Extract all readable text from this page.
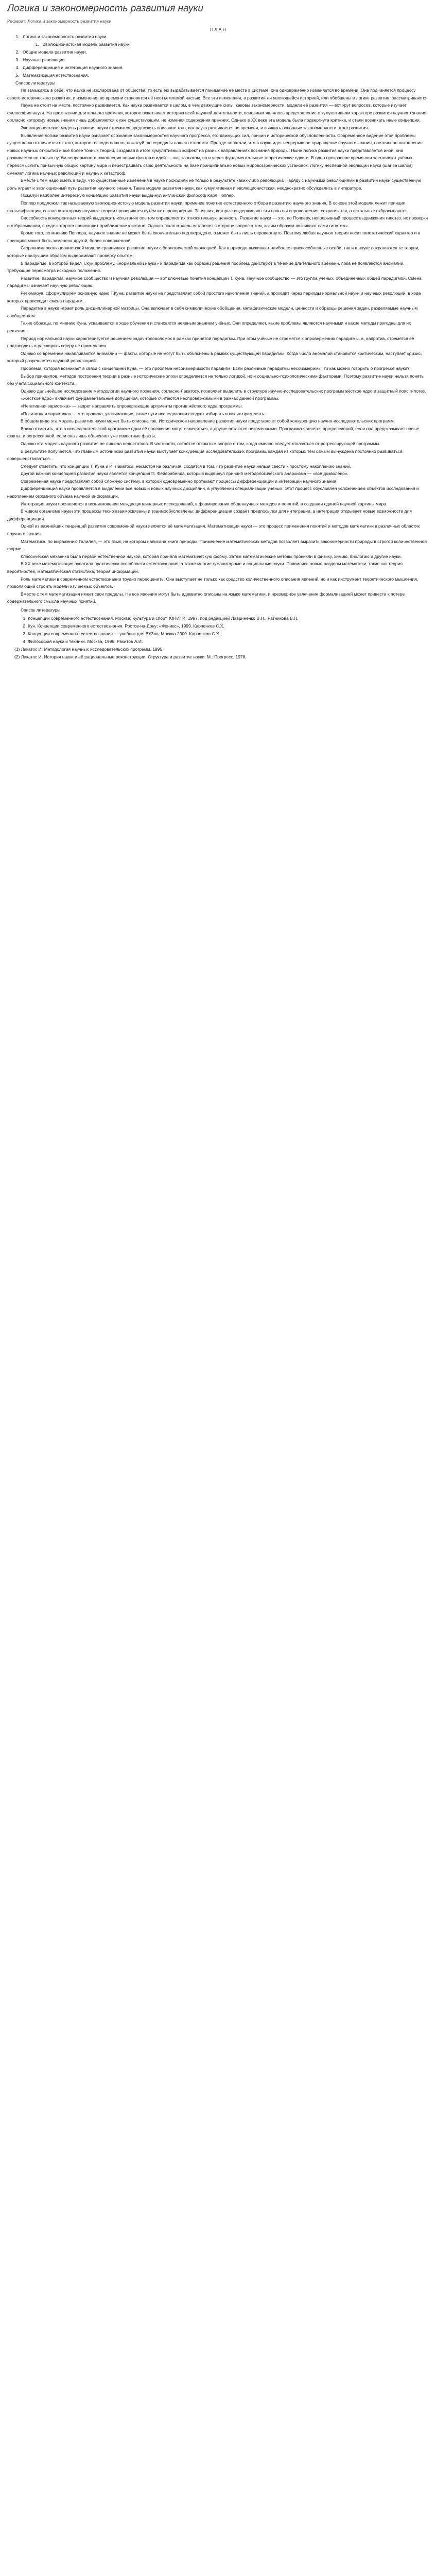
Логика и закономерность развития науки
Реферат: Логика и закономерность развития науки
П Л А Н
1. Логика и закономерность развития науки.
1. Эволюционистская модель развития науки
2. Общие модели развития науки.
3. Научные революции.
4. Дифференциация и интеграция научного знания.
5. Математизация естествознания.
Список литературы

Не замыкаясь в себе, что наука не изолирована от общества, то есть ею вырабатывается понимание её места в системе, она одновременно изменяется во времени. Она подчиняется процессу своего исторического развития, и изменения во времени становятся её неотъемлемой частью. Все эти изменения, в развитии ли являющейся историей, или обобщены в логике развития, рассматриваются.

Наука не стоит на месте, постоянно развивается. Как наука развивается в целом, в чём движущие силы, каковы закономерности, модели её развития — вот круг вопросов, которые изучает философия науки. На протяжении длительного времени, которое охватывает историю всей научной деятельности, основным являлось представление о кумулятивном характере развития научного знания, согласно которому новые знания лишь добавляются к уже существующим, не изменяя содержания прежних. Однако в ХХ веке эта модель была подвергнута критике, и стали возникать иные концепции.

Эволюционистская модель развития науки стремится предложить описание того, как наука развивается во времени, и выявить основные закономерности этого развития.

Выявление логики развития науки означает осознание закономерностей научного прогресса, его движущих сил, причин и исторической обусловленности. Современное видение этой проблемы существенно отличается от того, которое господствовало, пожалуй, до середины нашего столетия. Прежде полагали, что в науке идет непрерывное приращение научного знания, постоянное накопление новых научных открытий и всё более точных теорий, создавая в итоге кумулятивный эффект на разных направлениях познания природы. Ныне логика развития науки представляется иной: она развивается не только путём непрерывного накопления новых фактов и идей — шаг за шагом, но и через фундаментальные теоретические сдвиги. В одно прекрасное время они заставляют учёных переосмыслить привычную общую картину мира и перестраивать свою деятельность на базе принципиально новых мировоззренческих установок. Логику неспешной эволюции науки (шаг за шагом) сменяет логика научных революций и научных катастроф.

Вместе с тем надо иметь в виду, что существенные изменения в науке проходили не только в результате каких-либо революций. Наряду с научными революциями в развитии науки существенную роль играет и эволюционный путь развития научного знания. Такие модели развития науки, как кумулятивная и эволюционистская, неоднократно обсуждались в литературе.

Пожалуй наиболее интересную концепцию развития науки выдвинул английский философ Карл Поппер.

Поппер предложил так называемую эволюционистскую модель развития науки, применив понятие естественного отбора к развитию научного знания. В основе этой модели лежит принцип фальсификации, согласно которому научные теории проверяются путём их опровержения. Те из них, которые выдерживают эти попытки опровержения, сохраняются, а остальные отбрасываются.

Способность конкурентных теорий выдержать испытание опытом определяет их относительную ценность. Развитие науки — это, по Попперу, непрерывный процесс выдвижения гипотез, их проверки и отбрасывания, в ходе которого происходит приближение к истине. Однако такая модель оставляет в стороне вопрос о том, каким образом возникают сами гипотезы.

Кроме того, по мнению Поппера, научное знание не может быть окончательно подтверждено, а может быть лишь опровергнуто. Поэтому любая научная теория носит гипотетический характер и в принципе может быть заменена другой, более совершенной.

Сторонники эволюционистской модели сравнивают развитие науки с биологической эволюцией. Как в природе выживают наиболее приспособленные особи, так и в науке сохраняются те теории, которые наилучшим образом выдерживают проверку опытом.

В парадигме, в которой видел Т.Кун проблему, «нормальной науки» и парадигма как образец решения проблем, действуют в течение длительного времени, пока не появляются аномалии, требующие пересмотра исходных положений.

Развитие, парадигма, научное сообщество и научная революция — вот ключевые понятия концепции Т. Куна. Научное сообщество — это группа учёных, объединённых общей парадигмой. Смена парадигмы означает научную революцию.

Резюмируя, сформулируем основную идею Т.Куна: развитие науки не представляет собой простого накопления знаний, а проходит через периоды нормальной науки и научных революций, в ходе которых происходит смена парадигм.

Парадигма в науке играет роль дисциплинарной матрицы. Она включает в себя символические обобщения, метафизические модели, ценности и образцы решения задач, разделяемые научным сообществом.

Такие образцы, по мнению Куна, усваиваются в ходе обучения и становятся неявным знанием учёных. Они определяют, какие проблемы являются научными и какие методы пригодны для их решения.

Период нормальной науки характеризуется решением задач-головоломок в рамках принятой парадигмы. При этом учёные не стремятся к опровержению парадигмы, а, напротив, стремятся её подтвердить и расширить сферу её применения.

Однако со временем накапливаются аномалии — факты, которые не могут быть объяснены в рамках существующей парадигмы. Когда число аномалий становится критическим, наступает кризис, который разрешается научной революцией.

Проблема, которая возникает в связи с концепцией Куна, — это проблема несоизмеримости парадигм. Если различные парадигмы несоизмеримы, то как можно говорить о прогрессе науки?

Выбор принципов, методов построения теории в разные исторические эпохи определяется не только логикой, но и социально-психологическими факторами. Поэтому развитие науки нельзя понять без учёта социального контекста.

Однако дальнейшее исследование методологии научного познания, согласно Лакатосу, позволяет выделить в структуре научно-исследовательских программ жёсткое ядро и защитный пояс гипотез.

«Жёсткое ядро» включает фундаментальные допущения, которые считаются неопровержимыми в рамках данной программы.

«Негативная эвристика» — запрет направлять опровергающие аргументы против жёсткого ядра программы.

«Позитивная эвристика» — это правила, указывающие, какие пути исследования следует избирать и как их применять.

В общем виде эта модель развития науки может быть описана так. Историческое направление развития науки представляет собой конкуренцию научно-исследовательских программ.

Важно отметить, что в исследовательской программе одни её положения могут изменяться, а другие остаются неизменными. Программа является прогрессивной, если она предсказывает новые факты, и регрессивной, если она лишь объясняет уже известные факты.

Однако эта модель научного развития не лишена недостатков. В частности, остаётся открытым вопрос о том, когда именно следует отказаться от регрессирующей программы.

В результате получается, что главным источником развития науки выступает конкуренция исследовательских программ, каждая из которых тем самым вынуждена постоянно развиваться, совершенствоваться.

Следует отметить, что концепции Т. Куна и И. Лакатоса, несмотря на различия, сходятся в том, что развитие науки нельзя свести к простому накоплению знаний.

Другой важной концепцией развития науки является концепция П. Фейерабенда, который выдвинул принцип методологического анархизма — «всё дозволено».

Современная наука представляет собой сложную систему, в которой одновременно протекают процессы дифференциации и интеграции научного знания.

Дифференциация науки проявляется в выделении всё новых и новых научных дисциплин, в углублении специализации учёных. Этот процесс обусловлен усложнением объектов исследования и накоплением огромного объёма научной информации.

Интеграция науки проявляется в возникновении междисциплинарных исследований, в формировании общенаучных методов и понятий, в создании единой научной картины мира.

В живом организме науки эти процессы тесно взаимосвязаны и взаимообусловлены: дифференциация создаёт предпосылки для интеграции, а интеграция открывает новые возможности для дифференциации.

Одной из важнейших тенденций развития современной науки является её математизация. Математизация науки — это процесс применения понятий и методов математики в различных областях научного знания.

Математика, по выражению Галилея, — это язык, на котором написана книга природы. Применение математических методов позволяет выразить закономерности природы в строгой количественной форме.

Классическая механика была первой естественной наукой, которая приняла математическую форму. Затем математические методы проникли в физику, химию, биологию и другие науки.

В XX веке математизация охватила практически все области естествознания, а также многие гуманитарные и социальные науки. Появились новые разделы математики, такие как теория вероятностей, математическая статистика, теория информации.

Роль математики в современном естествознании трудно переоценить. Она выступает не только как средство количественного описания явлений, но и как инструмент теоретического мышления, позволяющий строить модели изучаемых объектов.

Вместе с тем математизация имеет свои пределы. Не все явления могут быть адекватно описаны на языке математики, и чрезмерное увлечение формализацией может привести к потере содержательного смысла научных понятий.

Список литературы
1. Концепции современного естествознания. Москва: Культура и спорт, ЮНИТИ, 1997, под редакцией Лавриненко В.Н., Ратникова В.П.
2. Кун. Концепции современного естествознания. Ростов-на-Дону: «Феникс», 1999. Карпенков С.Х.
3. Концепции современного естествознания — учебник для ВУЗов, Москва 2000. Карпенков С.Х.
4. Философия науки и техники. Москва, 1996. Ракитов А.И.
(1) Лакатос И. Методология научных исследовательских программ. 1995.
(2) Лакатос И. История науки и её рациональные реконструкции. Структура и развитие науки. М.: Прогресс, 1978.
